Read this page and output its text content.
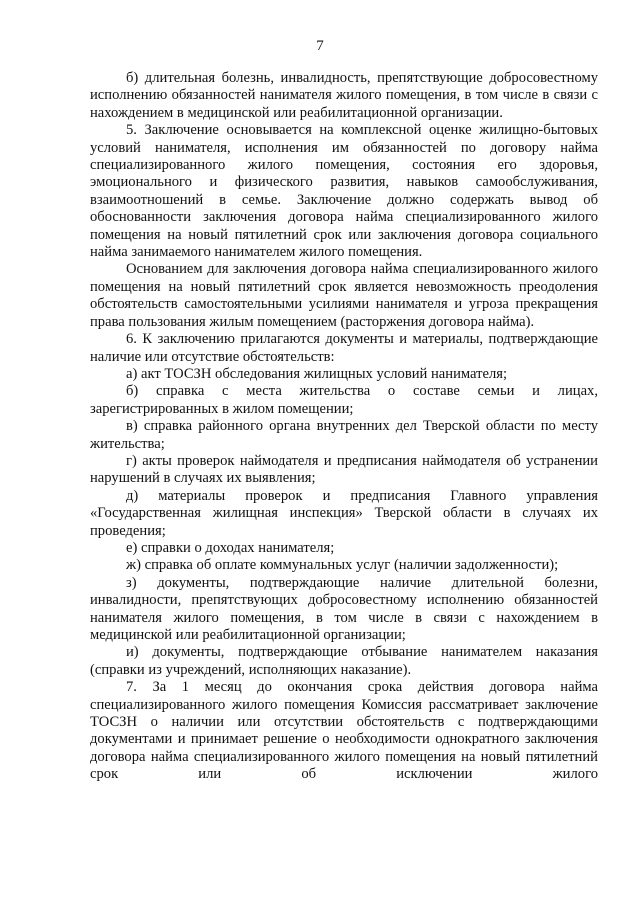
7

б) длительная болезнь, инвалидность, препятствующие добросовестному исполнению обязанностей нанимателя жилого помещения, в том числе в связи с нахождением в медицинской или реабилитационной организации.

5. Заключение основывается на комплексной оценке жилищно-бытовых условий нанимателя, исполнения им обязанностей по договору найма специализированного жилого помещения, состояния его здоровья, эмоционального и физического развития, навыков самообслуживания, взаимоотношений в семье. Заключение должно содержать вывод об обоснованности заключения договора найма специализированного жилого помещения на новый пятилетний срок или заключения договора социального найма занимаемого нанимателем жилого помещения.

Основанием для заключения договора найма специализированного жилого помещения на новый пятилетний срок является невозможность преодоления обстоятельств самостоятельными усилиями нанимателя и угроза прекращения права пользования жилым помещением (расторжения договора найма).

6. К заключению прилагаются документы и материалы, подтверждающие наличие или отсутствие обстоятельств:

а) акт ТОСЗН обследования жилищных условий нанимателя;

б) справка с места жительства о составе семьи и лицах, зарегистрированных в жилом помещении;

в) справка районного органа внутренних дел Тверской области по месту жительства;

г) акты проверок наймодателя и предписания наймодателя об устранении нарушений в случаях их выявления;

д) материалы проверок и предписания Главного управления «Государственная жилищная инспекция» Тверской области в случаях их проведения;

е) справки о доходах нанимателя;

ж) справка об оплате коммунальных услуг (наличии задолженности);

з) документы, подтверждающие наличие длительной болезни, инвалидности, препятствующих добросовестному исполнению обязанностей нанимателя жилого помещения, в том числе в связи с нахождением в медицинской или реабилитационной организации;

и) документы, подтверждающие отбывание нанимателем наказания (справки из учреждений, исполняющих наказание).

7. За 1 месяц до окончания срока действия договора найма специализированного жилого помещения Комиссия рассматривает заключение ТОСЗН о наличии или отсутствии обстоятельств с подтверждающими документами и принимает решение о необходимости однократного заключения договора найма специализированного жилого помещения на новый пятилетний срок или об исключении жилого
